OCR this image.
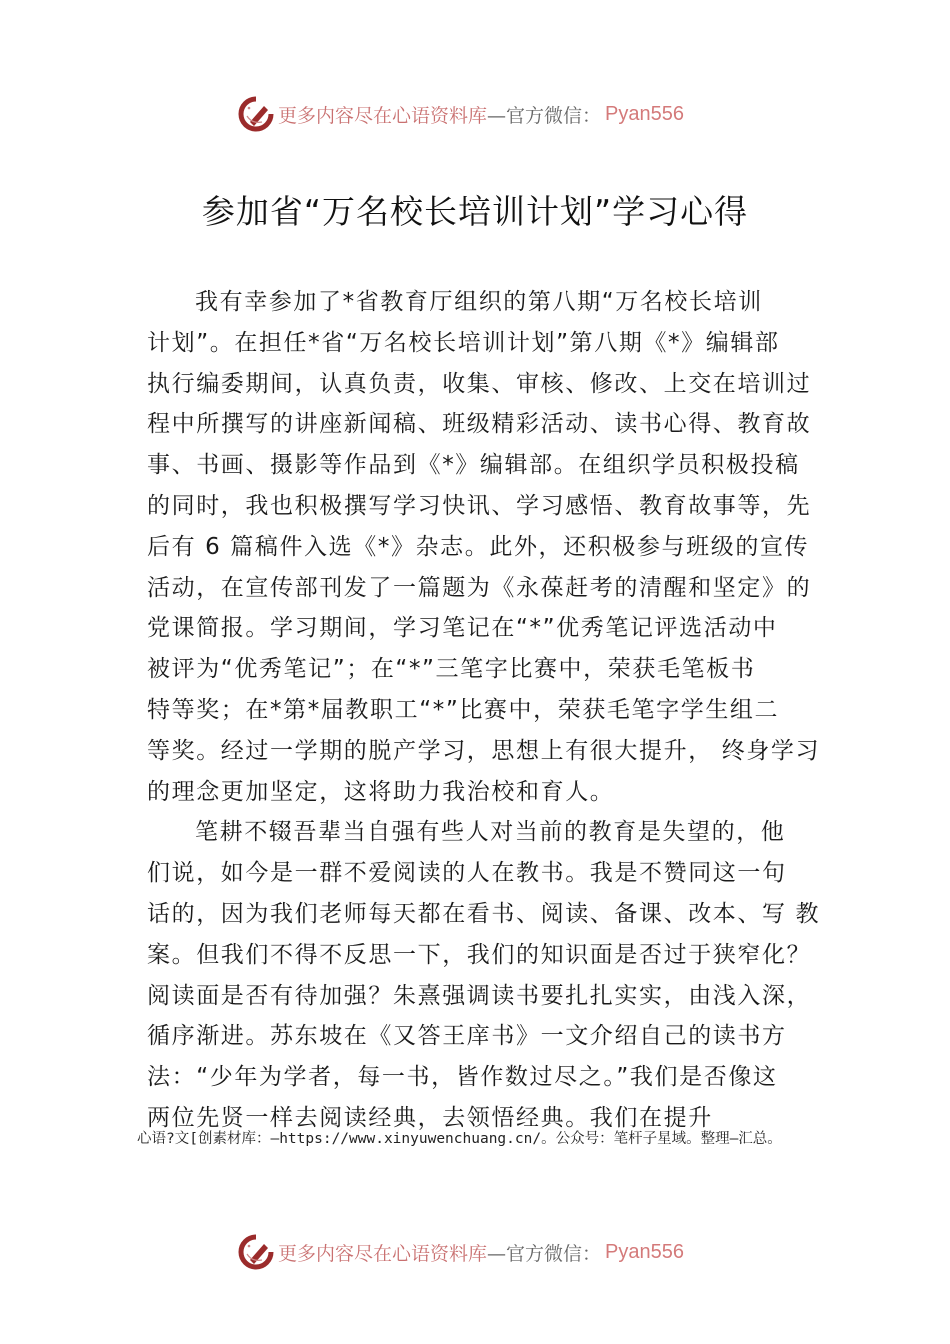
更多内容尽在心语资料库 —官方微信： Pyan556
参加省“万名校长培训计划”学习心得
我有幸参加了*省教育厅组织的第八期“万名校长培训
计划”。在担任*省“万名校长培训计划”第八期《*》编辑部
执行编委期间，认真负责，收集、审核、修改、上交在培训过
程中所撰写的讲座新闻稿、班级精彩活动、读书心得、教育故
事、书画、摄影等作品到《*》编辑部。在组织学员积极投稿
的同时，我也积极撰写学习快讯、学习感悟、教育故事等，先
后有 6 篇稿件入选《*》杂志。此外，还积极参与班级的宣传
活动，在宣传部刊发了一篇题为《永葆赶考的清醒和坚定》的
党课简报。学习期间，学习笔记在“*”优秀笔记评选活动中
被评为“优秀笔记”；在“*”三笔字比赛中，荣获毛笔板书
特等奖；在*第*届教职工“*”比赛中，荣获毛笔字学生组二
等奖。经过一学期的脱产学习，思想上有很大提升， 终身学习
的理念更加坚定，这将助力我治校和育人。
笔耕不辍吾辈当自强有些人对当前的教育是失望的，他
们说，如今是一群不爱阅读的人在教书。我是不赞同这一句
话的，因为我们老师每天都在看书、阅读、备课、改本、写 教
案。但我们不得不反思一下，我们的知识面是否过于狭窄化？
阅读面是否有待加强？朱熹强调读书要扎扎实实，由浅入深，
循序渐进。苏东坡在《又答王庠书》一文介绍自己的读书方
法：“少年为学者，每一书，皆作数过尽之。”我们是否像这
两位先贤一样去阅读经典，去领悟经典。我们在提升
心语?文[创素材库：—https://www.xinyuwenchuang.cn/。公众号：笔杆子星域。整理—汇总。
更多内容尽在心语资料库 —官方微信： Pyan556
